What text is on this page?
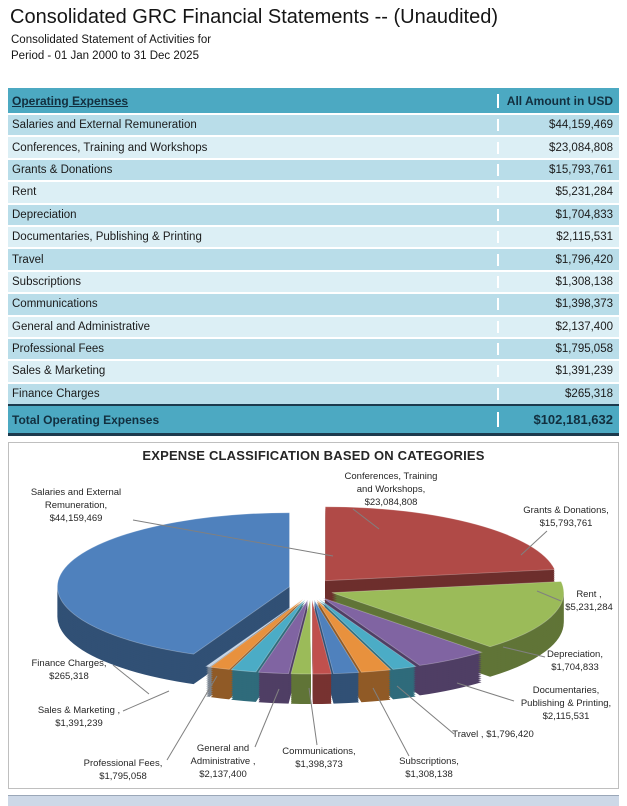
Consolidated GRC Financial Statements -- (Unaudited)
Consolidated Statement of Activities for
Period - 01 Jan 2000 to 31 Dec 2025
Operating Expenses	All Amount in USD
Salaries and External Remuneration	$44,159,469
Conferences, Training and Workshops	$23,084,808
Grants & Donations	$15,793,761
Rent	$5,231,284
Depreciation	$1,704,833
Documentaries, Publishing & Printing	$2,115,531
Travel	$1,796,420
Subscriptions	$1,308,138
Communications	$1,398,373
General and Administrative	$2,137,400
Professional Fees	$1,795,058
Sales & Marketing	$1,391,239
Finance Charges	$265,318
Total Operating Expenses	$102,181,632
EXPENSE CLASSIFICATION BASED ON CATEGORIES
Salaries and External
Remuneration,
$44,159,469
Conferences, Training
and Workshops,
$23,084,808
Grants & Donations,
$15,793,761
Rent ,
$5,231,284
Depreciation,
$1,704,833
Documentaries,
Publishing & Printing,
$2,115,531
Travel , $1,796,420
Subscriptions,
$1,308,138
Communications,
$1,398,373
General and
Administrative ,
$2,137,400
Professional Fees,
$1,795,058
Sales & Marketing ,
$1,391,239
Finance Charges,
$265,318
